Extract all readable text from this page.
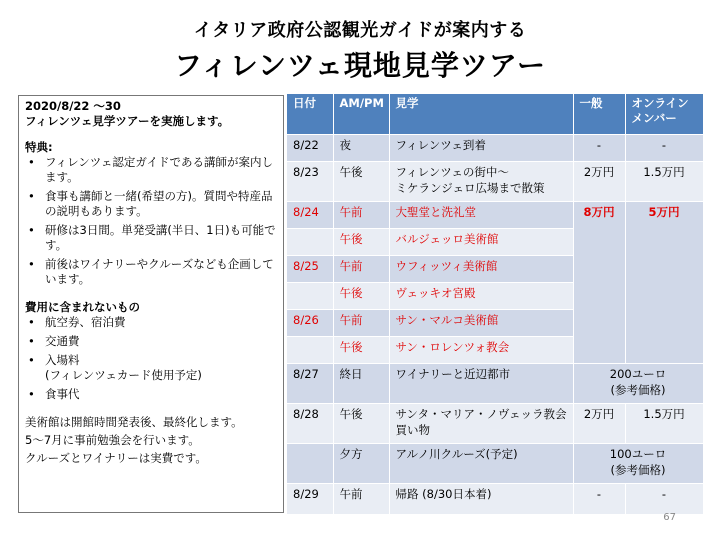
イタリア政府公認観光ガイドが案内する
フィレンツェ現地見学ツアー
2020/8/22 〜30
フィレンツェ見学ツアーを実施します。
特典:
• フィレンツェ認定ガイドである講師が案内します。
• 食事も講師と一緒(希望の方)。質問や特産品の説明もあります。
• 研修は3日間。単発受講(半日、1日)も可能です。
• 前後はワイナリーやクルーズなども企画しています。
費用に含まれないもの
• 航空券、宿泊費
• 交通費
• 入場料
(フィレンツェカード使用予定)
• 食事代
美術館は開館時間発表後、最終化します。
5〜7月に事前勉強会を行います。
クルーズとワイナリーは実費です。
日付	AM/PM	見学	一般	オンライン
メンバー
8/22	夜	フィレンツェ到着	-	-
8/23	午後	フィレンツェの街中〜
ミケランジェロ広場まで散策	2万円	1.5万円
8/24	午前	大聖堂と洗礼堂	8万円	5万円
	午後	バルジェッロ美術館		
8/25	午前	ウフィッツィ美術館		
	午後	ヴェッキオ宮殿		
8/26	午前	サン・マルコ美術館		
	午後	サン・ロレンツォ教会		
8/27	終日	ワイナリーと近辺都市	200ユーロ
(参考価格)	
8/28	午後	サンタ・マリア・ノヴェッラ教会
買い物	2万円	1.5万円
	夕方	アルノ川クルーズ(予定)	100ユーロ
(参考価格)	
8/29	午前	帰路 (8/30日本着)	-	-
67
